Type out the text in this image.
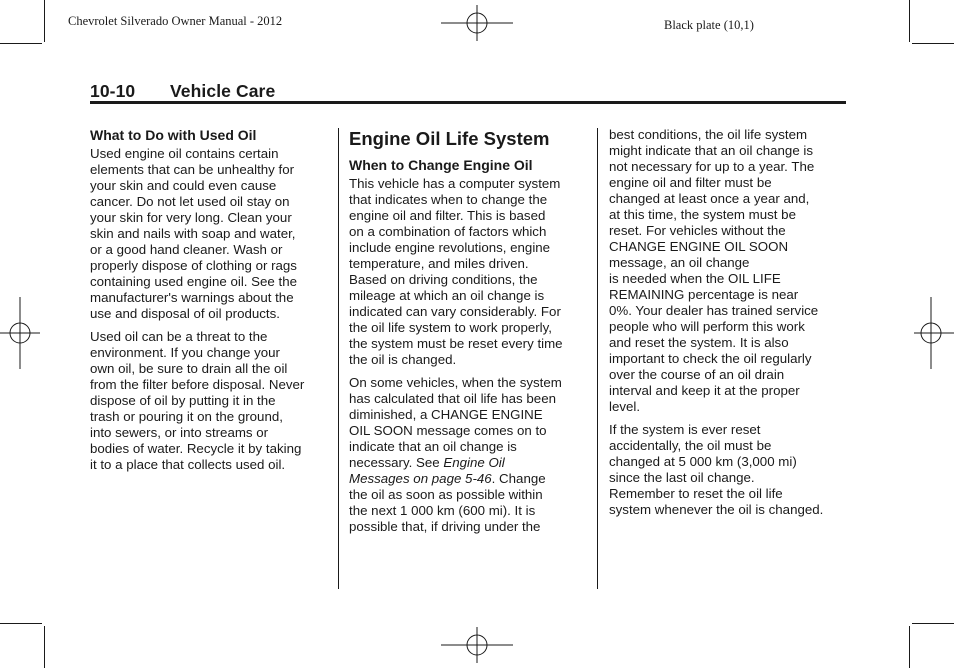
Chevrolet Silverado Owner Manual - 2012	Black plate (10,1)
10-10 Vehicle Care
What to Do with Used Oil

Used engine oil contains certain
elements that can be unhealthy for
your skin and could even cause
cancer. Do not let used oil stay on
your skin for very long. Clean your
skin and nails with soap and water,
or a good hand cleaner. Wash or
properly dispose of clothing or rags
containing used engine oil. See the
manufacturer's warnings about the
use and disposal of oil products.

Used oil can be a threat to the
environment. If you change your
own oil, be sure to drain all the oil
from the filter before disposal. Never
dispose of oil by putting it in the
trash or pouring it on the ground,
into sewers, or into streams or
bodies of water. Recycle it by taking
it to a place that collects used oil.

Engine Oil Life System
When to Change Engine Oil

This vehicle has a computer system
that indicates when to change the
engine oil and filter. This is based
on a combination of factors which
include engine revolutions, engine
temperature, and miles driven.
Based on driving conditions, the
mileage at which an oil change is
indicated can vary considerably. For
the oil life system to work properly,
the system must be reset every time
the oil is changed.

On some vehicles, when the system
has calculated that oil life has been
diminished, a CHANGE ENGINE
OIL SOON message comes on to
indicate that an oil change is
necessary. See Engine Oil
Messages on page 5-46. Change
the oil as soon as possible within
the next 1 000 km (600 mi). It is
possible that, if driving under the

best conditions, the oil life system
might indicate that an oil change is
not necessary for up to a year. The
engine oil and filter must be
changed at least once a year and,
at this time, the system must be
reset. For vehicles without the
CHANGE ENGINE OIL SOON
message, an oil change
is needed when the OIL LIFE
REMAINING percentage is near
0%. Your dealer has trained service
people who will perform this work
and reset the system. It is also
important to check the oil regularly
over the course of an oil drain
interval and keep it at the proper
level.

If the system is ever reset
accidentally, the oil must be
changed at 5 000 km (3,000 mi)
since the last oil change.
Remember to reset the oil life
system whenever the oil is changed.
